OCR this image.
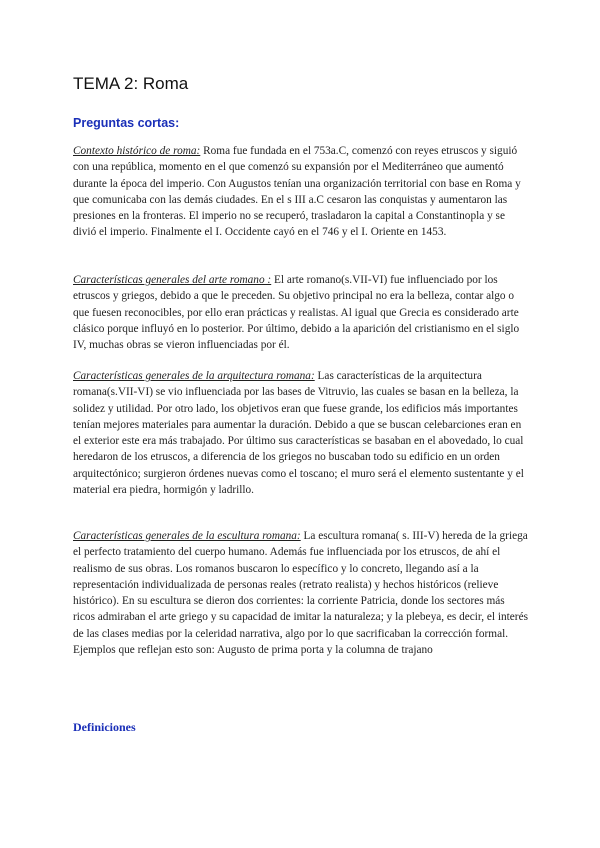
TEMA 2: Roma
Preguntas cortas:

Contexto histórico de roma: Roma fue fundada en el 753a.C, comenzó con reyes etruscos y siguió con una república, momento en el que comenzó su expansión por el Mediterráneo que aumentó durante la época del imperio. Con Augustos tenían una organización territorial con base en Roma y que comunicaba con las demás ciudades. En el s III a.C cesaron las conquistas y aumentaron las presiones en la fronteras. El imperio no se recuperó, trasladaron la capital a Constantinopla y se divió el imperio. Finalmente el I. Occidente cayó en el 746 y el I. Oriente en 1453.

Características generales del arte romano : El arte romano(s.VII-VI) fue influenciado por los etruscos y griegos, debido a que le preceden. Su objetivo principal no era la belleza, contar algo o que fuesen reconocibles, por ello eran prácticas y realistas. Al igual que Grecia es considerado arte clásico porque influyó en lo posterior. Por último, debido a la aparición del cristianismo en el siglo IV, muchas obras se vieron influenciadas por él.

Características generales de la arquitectura romana: Las características de la arquitectura romana(s.VII-VI) se vio influenciada por las bases de Vitruvio, las cuales se basan en la belleza, la solidez y utilidad. Por otro lado, los objetivos eran que fuese grande, los edificios más importantes tenían mejores materiales para aumentar la duración. Debido a que se buscan celebarciones eran en el exterior este era más trabajado. Por último sus características se basaban en el abovedado, lo cual heredaron de los etruscos, a diferencia de los griegos no buscaban todo su edificio en un orden arquitectónico; surgieron órdenes nuevas como el toscano; el muro será el elemento sustentante y el material era piedra, hormigón y ladrillo.

Características generales de la escultura romana: La escultura romana( s. III-V) hereda de la griega el perfecto tratamiento del cuerpo humano. Además fue influenciada por los etruscos, de ahí el realismo de sus obras. Los romanos buscaron lo específico y lo concreto, llegando así a la representación individualizada de personas reales (retrato realista) y hechos históricos (relieve histórico). En su escultura se dieron dos corrientes: la corriente Patricia, donde los sectores más ricos admiraban el arte griego y su capacidad de imitar la naturaleza; y la plebeya, es decir, el interés de las clases medias por la celeridad narrativa, algo por lo que sacrificaban la corrección formal. Ejemplos que reflejan esto son: Augusto de prima porta y la columna de trajano

Definiciones
